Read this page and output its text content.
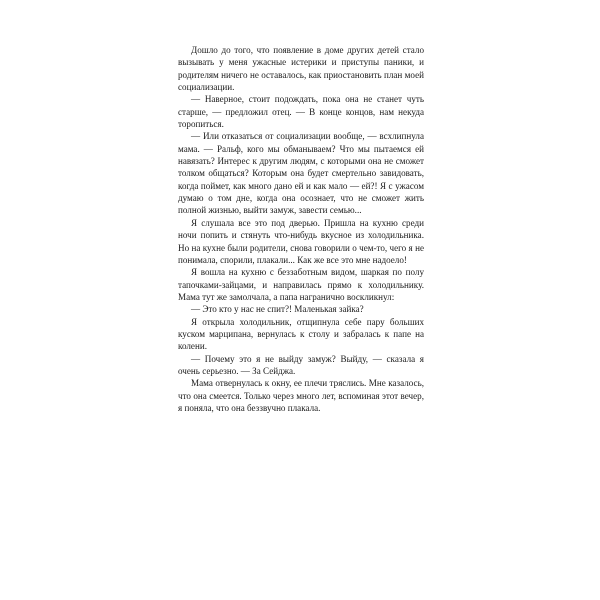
Дошло до того, что появление в доме других детей стало вызывать у меня ужасные истерики и приступы паники, и родителям ничего не оставалось, как приостановить план моей социализации.

— Наверное, стоит подождать, пока она не станет чуть старше, — предложил отец. — В конце концов, нам некуда торопиться.

— Или отказаться от социализации вообще, — всхлипнула мама. — Ральф, кого мы обманываем? Что мы пытаемся ей навязать? Интерес к другим людям, с которыми она не сможет толком общаться? Которым она будет смертельно завидовать, когда поймет, как много дано ей и как мало — ей?! Я с ужасом думаю о том дне, когда она осознает, что не сможет жить полной жизнью, выйти замуж, завести семью...

Я слушала все это под дверью. Пришла на кухню среди ночи попить и стянуть что-нибудь вкусное из холодильника. Но на кухне были родители, снова говорили о чем-то, чего я не понимала, спорили, плакали... Как же все это мне надоело!

Я вошла на кухню с беззаботным видом, шаркая по полу тапочками-зайцами, и направилась прямо к холодильнику. Мама тут же замолчала, а папа награнично воскликнул:

— Это кто у нас не спит?! Маленькая зайка?

Я открыла холодильник, отщипнула себе пару больших куском марципана, вернулась к столу и забралась к папе на колени.

— Почему это я не выйду замуж? Выйду, — сказала я очень серьезно. — За Сейджа.

Мама отвернулась к окну, ее плечи тряслись. Мне казалось, что она смеется. Только через много лет, вспоминая этот вечер, я поняла, что она беззвучно плакала.
